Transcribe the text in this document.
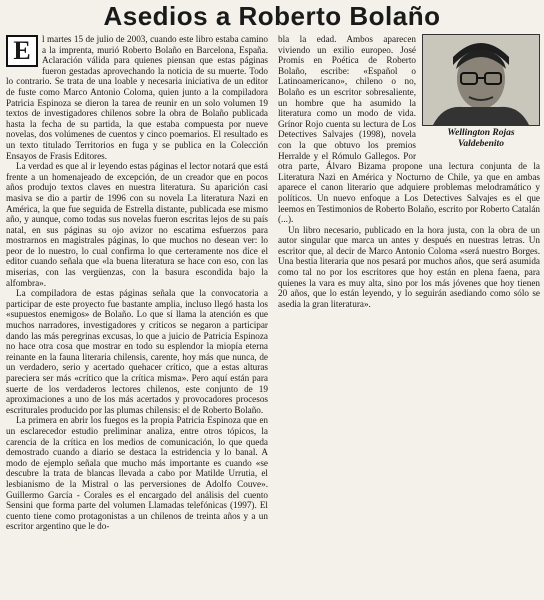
Asedios a Roberto Bolaño

E	l martes 15 de julio de 2003, cuando este libro estaba camino a la imprenta, murió Roberto Bolaño en Barcelona, España. Aclaración válida para quienes piensan que estas páginas fueron gestadas aprovechando la noticia de su muerte. Todo lo contrario. Se trata de una loable y necesaria iniciativa de un editor de fuste como Marco Antonio Coloma, quien junto a la compiladora Patricia Espinoza se dieron la tarea de reunir en un solo volumen 19 textos de investigadores chilenos sobre la obra de Bolaño publicada hasta la fecha de su partida, la que estaba compuesta por nueve novelas, dos volúmenes de cuentos y cinco poemarios. El resultado es un texto titulado Territorios en fuga y se publica en la Colección Ensayos de Frasis Editores.

La verdad es que al ir leyendo estas páginas el lector notará que está frente a un homenajeado de excepción, de un creador que en pocos años produjo textos claves en nuestra literatura. Su aparición casi masiva se dio a partir de 1996 con su novela La literatura Nazi en América, la que fue seguida de Estrella distante, publicada ese mismo año, y aunque, como todas sus novelas fueron escritas lejos de su país natal, en sus páginas su ojo avizor no escatima esfuerzos para mostrarnos en magistrales páginas, lo que muchos no desean ver: lo peor de lo nuestro, lo cual confirma lo que certeramente nos dice el editor cuando señala que «la buena literatura se hace con eso, con las miserias, con las vergüenzas, con la basura escondida bajo la alfombra».

La compiladora de estas páginas señala que la convocatoria a participar de este proyecto fue bastante amplia, incluso llegó hasta los «supuestos enemigos» de Bolaño. Lo que sí llama la atención es que muchos narradores, investigadores y críticos se negaron a participar dando las más peregrinas excusas, lo que a juicio de Patricia Espinoza no hace otra cosa que mostrar en todo su esplendor la miopía eterna reinante en la fauna literaria chilensis, carente, hoy más que nunca, de un verdadero, serio y acertado quehacer crítico, que a estas alturas pareciera ser más «crítico que la crítica misma». Pero aquí están para suerte de los verdaderos lectores chilenos, este conjunto de 19 aproximaciones a uno de los más acertados y provocadores procesos escriturales producido por las plumas chilensis: el de Roberto Bolaño.

La primera en abrir los fuegos es la propia Patricia Espinoza que en un esclarecedor estudio preliminar analiza, entre otros tópicos, la carencia de la crítica en los medios de comunicación, lo que queda demostrado cuando a diario se destaca la estridencia y lo banal. A modo de ejemplo señala que mucho más importante es cuando «se descubre la trata de blancas llevada a cabo por Matilde Urrutia, el lesbianismo de la Mistral o las perversiones de Adolfo Couve». Guillermo García - Corales es el encargado del análisis del cuento Sensini que forma parte del volumen Llamadas telefónicas (1997). El cuento tiene como protagonistas a un chilenos de treinta años y a un escritor argentino que le do-

Wellington Rojas
Valdebenito

bla la edad. Ambos aparecen viviendo un exilio europeo. José Promis en Poética de Roberto Bolaño, escribe: «Español o Latinoamericano», chileno o no, Bolaño es un escritor sobresaliente, un hombre que ha asumido la literatura como un modo de vida. Grínor Rojo cuenta su lectura de Los Detectives Salvajes (1998), novela con la que obtuvo los premios Herralde y el Rómulo Gallegos. Por otra parte, Álvaro Bizama propone una lectura conjunta de la Literatura Nazi en América y Nocturno de Chile, ya que en ambas aparece el canon literario que adquiere problemas melodramático y políticos. Un nuevo enfoque a Los Detectives Salvajes es el que leemos en Testimonios de Roberto Bolaño, escrito por Roberto Catalán (...).

Un libro necesario, publicado en la hora justa, con la obra de un autor singular que marca un antes y después en nuestras letras. Un escritor que, al decir de Marco Antonio Coloma «será nuestro Borges. Una bestia literaria que nos pesará por muchos años, que será asumida como tal no por los escritores que hoy están en plena faena, para quienes la vara es muy alta, sino por los más jóvenes que hoy tienen 20 años, que lo están leyendo, y lo seguirán asediando como sólo se asedia la gran literatura».
